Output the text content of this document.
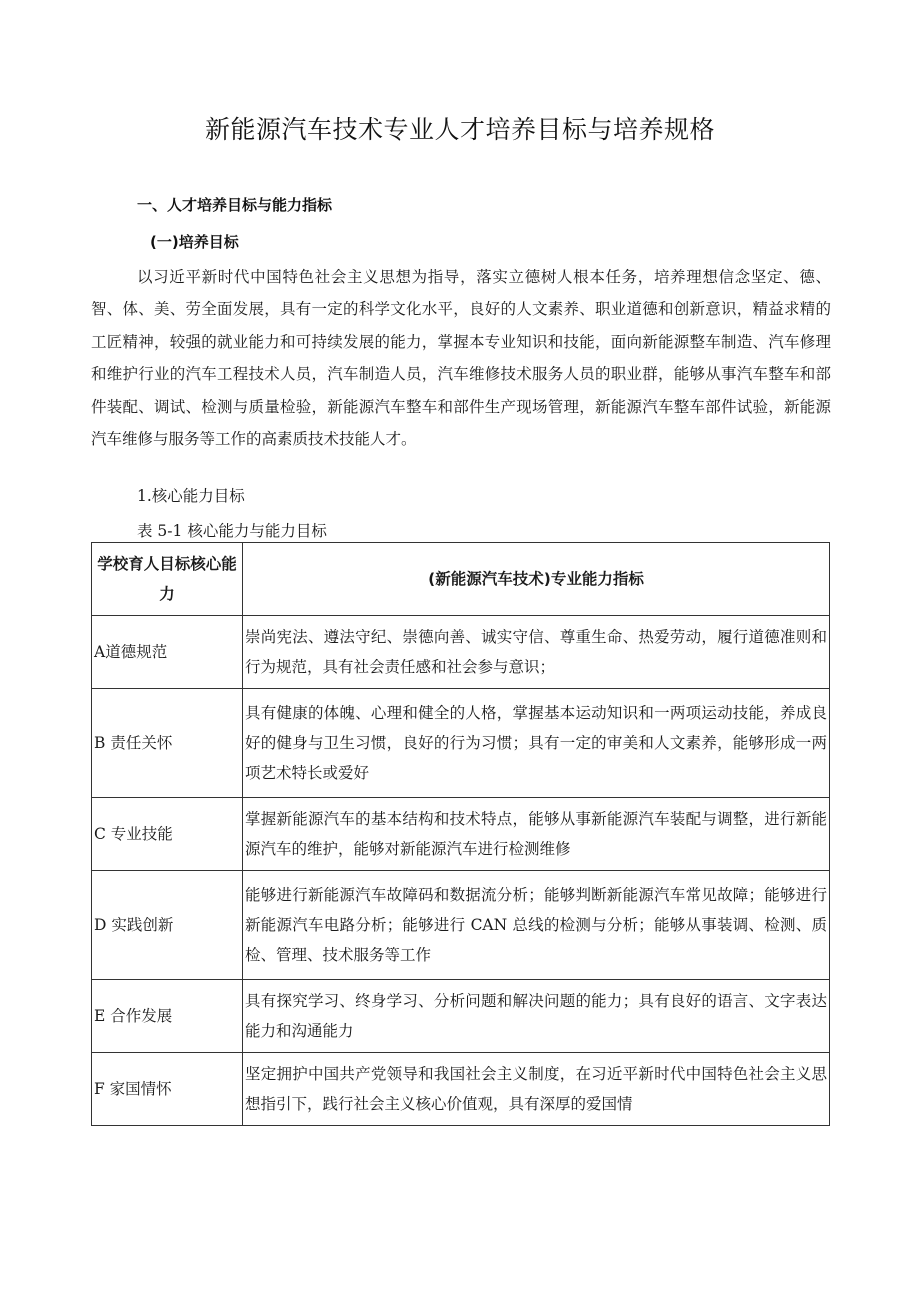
新能源汽车技术专业人才培养目标与培养规格
一、人才培养目标与能力指标
(一)培养目标

以习近平新时代中国特色社会主义思想为指导，落实立德树人根本任务，培养理想信念坚定、德、智、体、美、劳全面发展，具有一定的科学文化水平，良好的人文素养、职业道德和创新意识，精益求精的工匠精神，较强的就业能力和可持续发展的能力，掌握本专业知识和技能，面向新能源整车制造、汽车修理和维护行业的汽车工程技术人员，汽车制造人员，汽车维修技术服务人员的职业群，能够从事汽车整车和部件装配、调试、检测与质量检验，新能源汽车整车和部件生产现场管理，新能源汽车整车部件试验，新能源汽车维修与服务等工作的高素质技术技能人才。

1.核心能力目标
表 5-1 核心能力与能力目标
学校育人目标核心能力	(新能源汽车技术)专业能力指标
A道德规范	崇尚宪法、遵法守纪、崇德向善、诚实守信、尊重生命、热爱劳动，履行道德准则和行为规范，具有社会责任感和社会参与意识；
B 责任关怀	具有健康的体魄、心理和健全的人格，掌握基本运动知识和一两项运动技能，养成良好的健身与卫生习惯，良好的行为习惯；具有一定的审美和人文素养，能够形成一两项艺术特长或爱好
C 专业技能	掌握新能源汽车的基本结构和技术特点，能够从事新能源汽车装配与调整，进行新能源汽车的维护，能够对新能源汽车进行检测维修
D 实践创新	能够进行新能源汽车故障码和数据流分析；能够判断新能源汽车常见故障；能够进行新能源汽车电路分析；能够进行 CAN 总线的检测与分析；能够从事装调、检测、质检、管理、技术服务等工作
E 合作发展	具有探究学习、终身学习、分析问题和解决问题的能力；具有良好的语言、文字表达能力和沟通能力
F 家国情怀	坚定拥护中国共产党领导和我国社会主义制度，在习近平新时代中国特色社会主义思想指引下，践行社会主义核心价值观，具有深厚的爱国情
